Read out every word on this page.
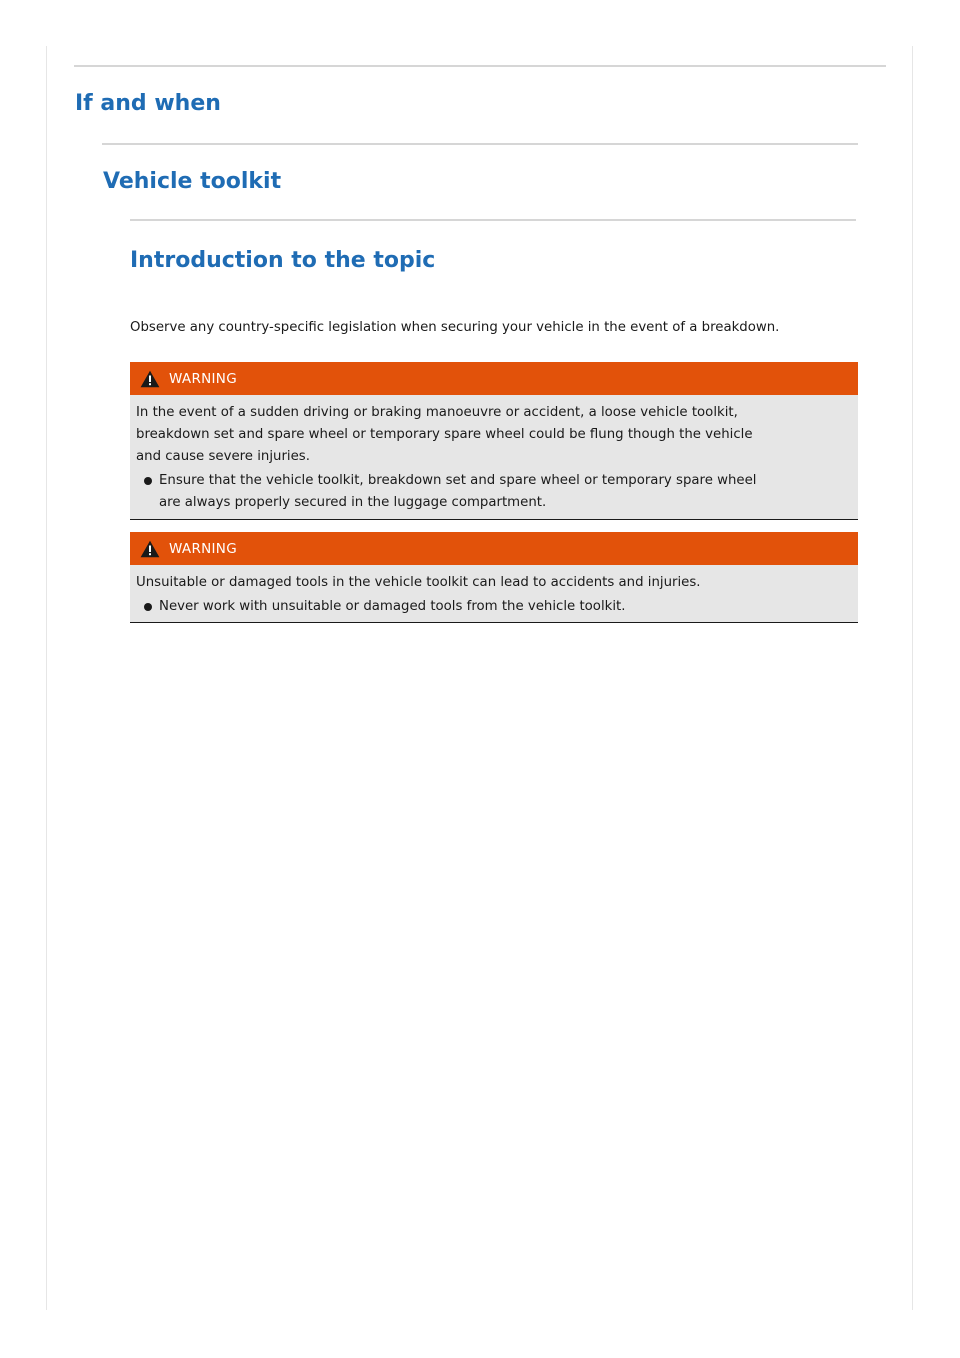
If and when
Vehicle toolkit
Introduction to the topic

Observe any country-specific legislation when securing your vehicle in the event of a breakdown.

WARNING

In the event of a sudden driving or braking manoeuvre or accident, a loose vehicle toolkit,
breakdown set and spare wheel or temporary spare wheel could be flung though the vehicle
and cause severe injuries.

Ensure that the vehicle toolkit, breakdown set and spare wheel or temporary spare wheel
are always properly secured in the luggage compartment.
WARNING

Unsuitable or damaged tools in the vehicle toolkit can lead to accidents and injuries.

Never work with unsuitable or damaged tools from the vehicle toolkit.
